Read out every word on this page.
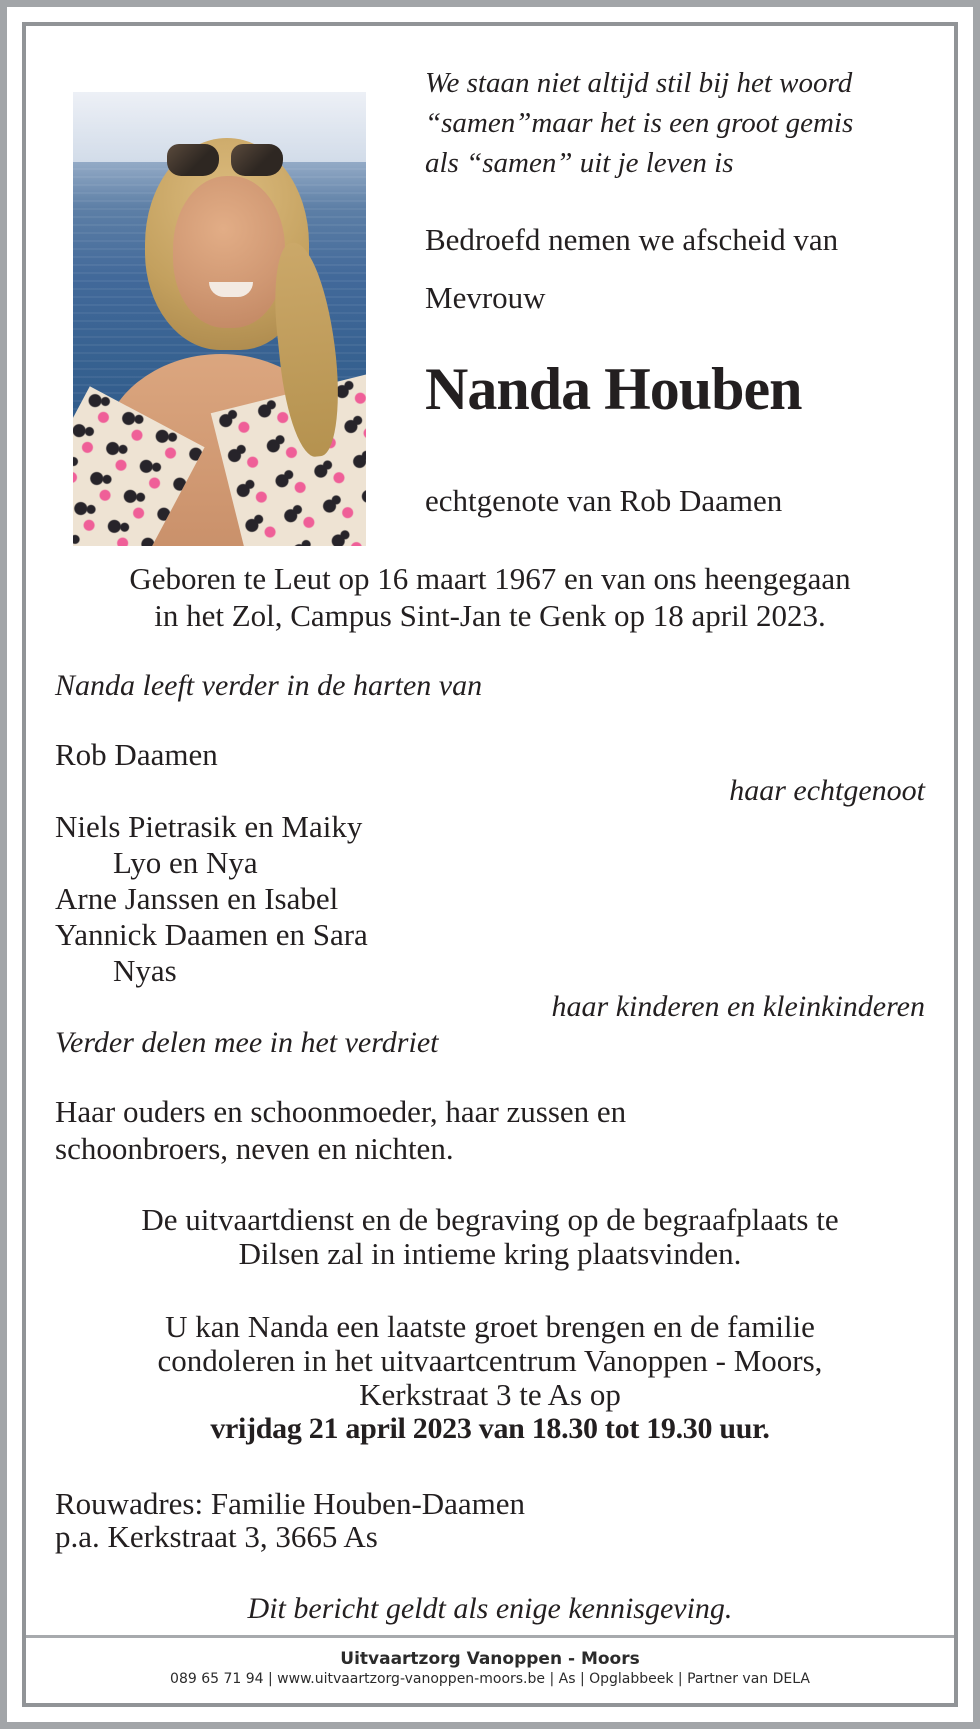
We staan niet altijd stil bij het woord

“samen”maar het is een groot gemis

als “samen” uit je leven is

Bedroefd nemen we afscheid van

Mevrouw

Nanda Houben

echtgenote van Rob Daamen

Geboren te Leut op 16 maart 1967 en van ons heengegaan

in het Zol, Campus Sint-Jan te Genk op 18 april 2023.

Nanda leeft verder in de harten van

Rob Daamen

haar echtgenoot

Niels Pietrasik en Maiky

Lyo en Nya

Arne Janssen en Isabel

Yannick Daamen en Sara

Nyas

haar kinderen en kleinkinderen

Verder delen mee in het verdriet

Haar ouders en schoonmoeder, haar zussen en

schoonbroers, neven en nichten.

De uitvaartdienst en de begraving op de begraafplaats te

Dilsen zal in intieme kring plaatsvinden.

U kan Nanda een laatste groet brengen en de familie

condoleren in het uitvaartcentrum Vanoppen - Moors,

Kerkstraat 3 te As op

vrijdag 21 april 2023 van 18.30 tot 19.30 uur.

Rouwadres: Familie Houben-Daamen

p.a. Kerkstraat 3, 3665 As

Dit bericht geldt als enige kennisgeving.

Uitvaartzorg Vanoppen - Moors

089 65 71 94 | www.uitvaartzorg-vanoppen-moors.be | As | Opglabbeek | Partner van DELA
